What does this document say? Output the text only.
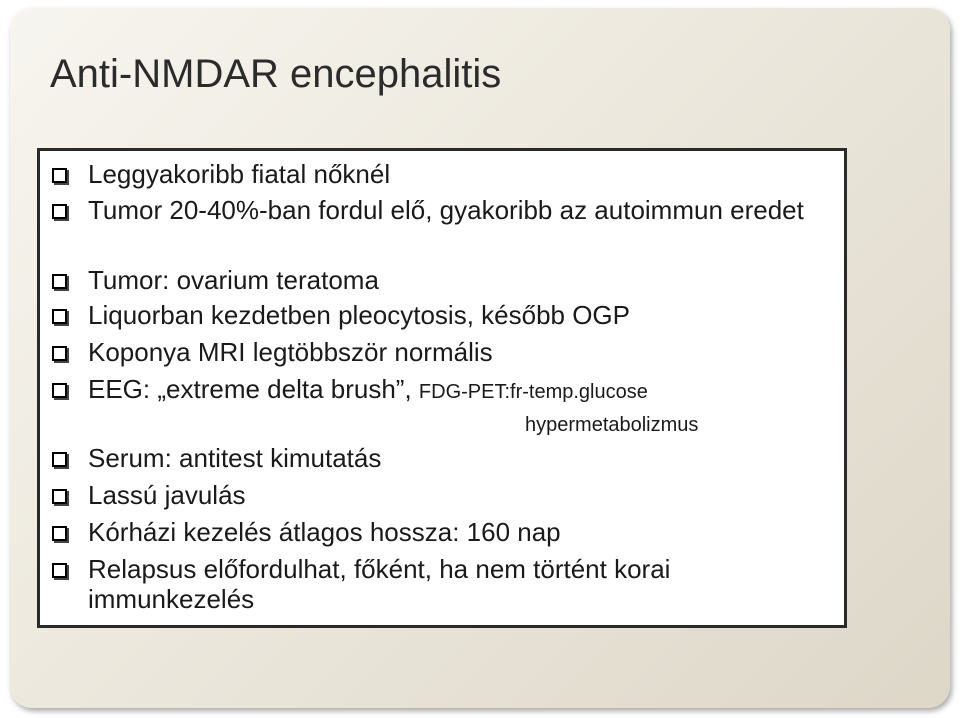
Anti-NMDAR encephalitis
Leggyakoribb fiatal nőknél
Tumor 20-40%-ban fordul elő, gyakoribb az autoimmun eredet
Tumor: ovarium teratoma
Liquorban kezdetben pleocytosis, később OGP
Koponya MRI legtöbbször normális
EEG: „extreme delta brush”, FDG-PET:fr-temp.glucose
hypermetabolizmus
Serum: antitest kimutatás
Lassú javulás
Kórházi kezelés átlagos hossza: 160 nap
Relapsus előfordulhat, főként, ha nem történt korai immunkezelés
